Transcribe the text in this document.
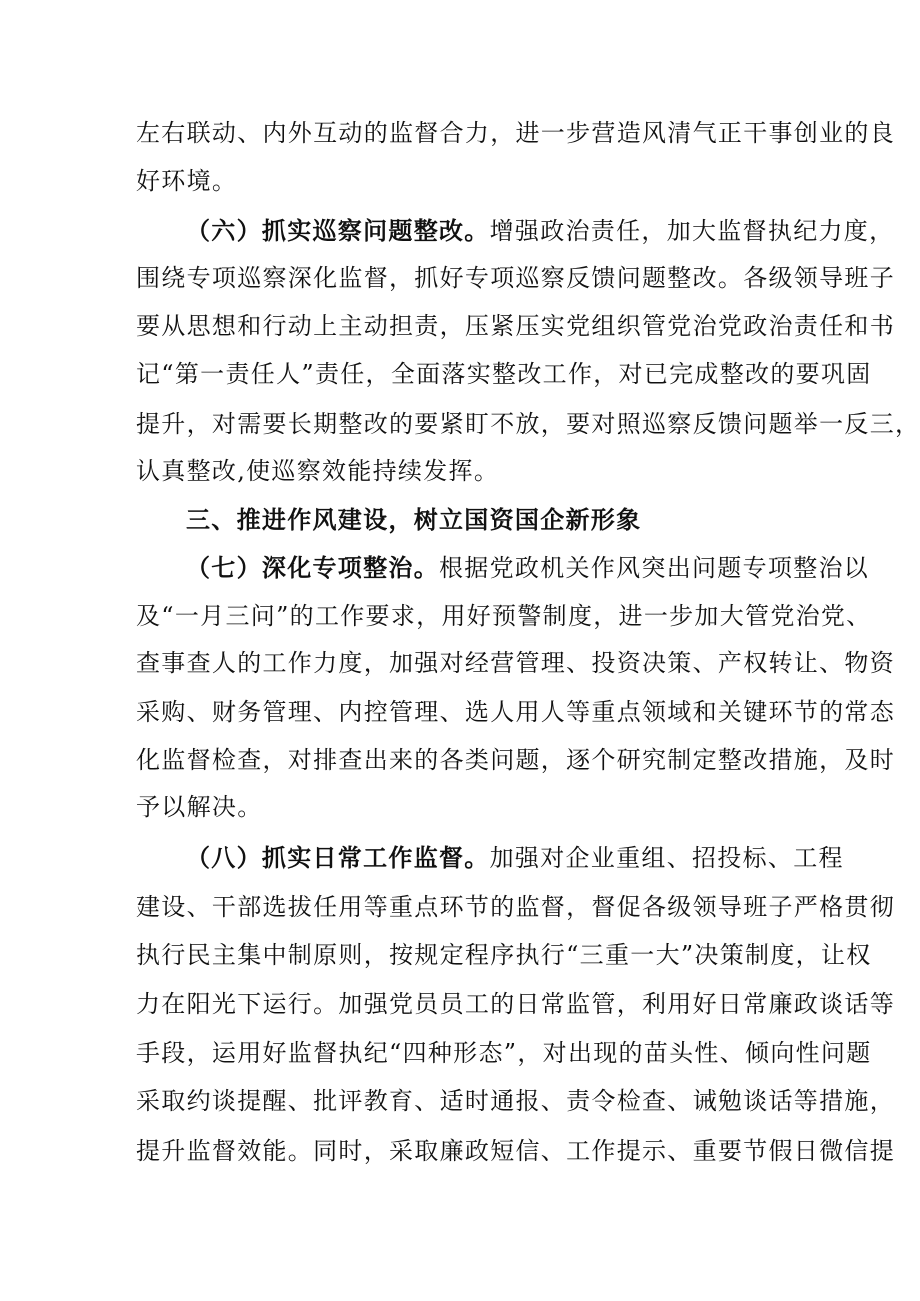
左右联动、内外互动的监督合力，进一步营造风清气正干事创业的良
好环境。
（六）抓实巡察问题整改。增强政治责任，加大监督执纪力度，
围绕专项巡察深化监督，抓好专项巡察反馈问题整改。各级领导班子
要从思想和行动上主动担责，压紧压实党组织管党治党政治责任和书
记“第一责任人”责任，全面落实整改工作，对已完成整改的要巩固
提升，对需要长期整改的要紧盯不放，要对照巡察反馈问题举一反三，
认真整改,使巡察效能持续发挥。
三、推进作风建设，树立国资国企新形象
（七）深化专项整治。根据党政机关作风突出问题专项整治以
及“一月三问”的工作要求，用好预警制度，进一步加大管党治党、
查事查人的工作力度，加强对经营管理、投资决策、产权转让、物资
采购、财务管理、内控管理、选人用人等重点领域和关键环节的常态
化监督检查，对排查出来的各类问题，逐个研究制定整改措施，及时
予以解决。
（八）抓实日常工作监督。加强对企业重组、招投标、工程
建设、干部选拔任用等重点环节的监督，督促各级领导班子严格贯彻
执行民主集中制原则，按规定程序执行“三重一大”决策制度，让权
力在阳光下运行。加强党员员工的日常监管，利用好日常廉政谈话等
手段，运用好监督执纪“四种形态”，对出现的苗头性、倾向性问题
采取约谈提醒、批评教育、适时通报、责令检查、诫勉谈话等措施，
提升监督效能。同时，采取廉政短信、工作提示、重要节假日微信提
